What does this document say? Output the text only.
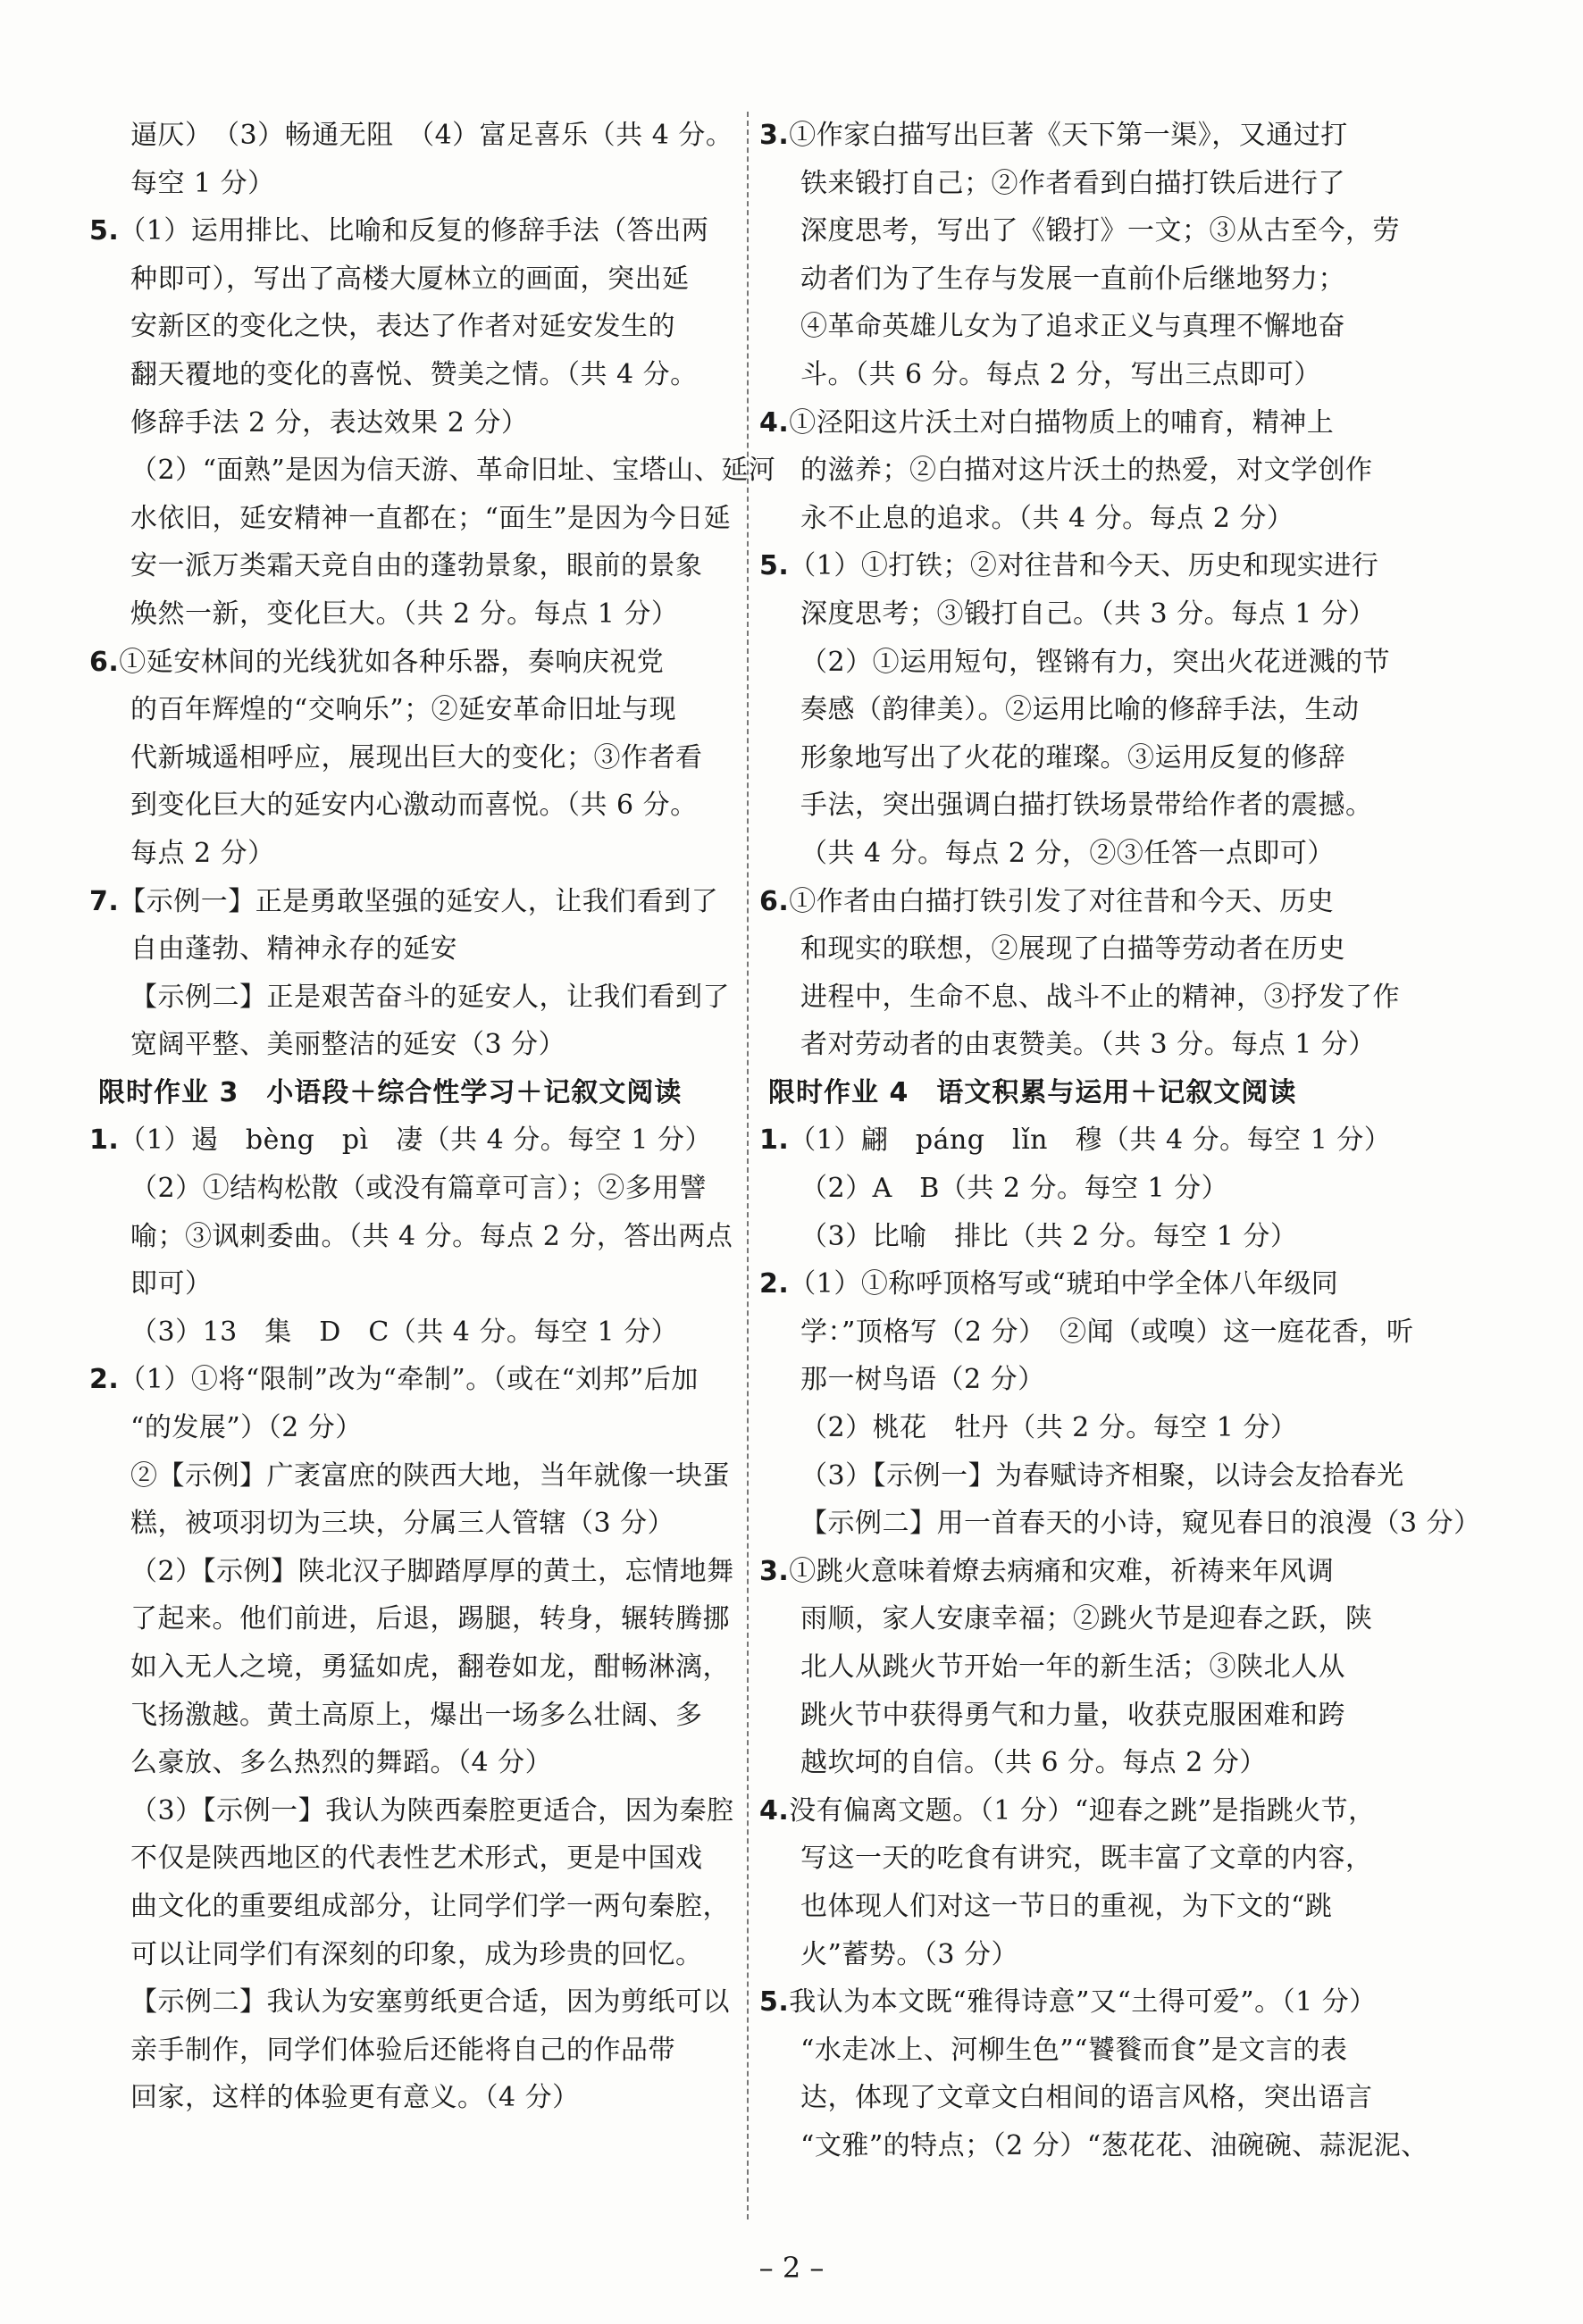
逼仄）　（3）畅通无阻　（4）富足喜乐（共 4 分。
每空 1 分）
5.（1）运用排比、比喻和反复的修辞手法（答出两
种即可），写出了高楼大厦林立的画面，突出延
安新区的变化之快，表达了作者对延安发生的
翻天覆地的变化的喜悦、赞美之情。（共 4 分。
修辞手法 2 分，表达效果 2 分）
（2）“面熟”是因为信天游、革命旧址、宝塔山、延河
水依旧，延安精神一直都在；“面生”是因为今日延
安一派万类霜天竞自由的蓬勃景象，眼前的景象
焕然一新，变化巨大。（共 2 分。每点 1 分）
6.①延安林间的光线犹如各种乐器，奏响庆祝党
的百年辉煌的“交响乐”；②延安革命旧址与现
代新城遥相呼应，展现出巨大的变化；③作者看
到变化巨大的延安内心激动而喜悦。（共 6 分。
每点 2 分）
7.【示例一】正是勇敢坚强的延安人，让我们看到了
自由蓬勃、精神永存的延安
【示例二】正是艰苦奋斗的延安人，让我们看到了
宽阔平整、美丽整洁的延安（3 分）
限时作业 3　小语段＋综合性学习＋记叙文阅读
1.（1）遏　bèng　pì　凄（共 4 分。每空 1 分）
（2）①结构松散（或没有篇章可言）；②多用譬
喻；③讽刺委曲。（共 4 分。每点 2 分，答出两点
即可）
（3）13　集　D　C（共 4 分。每空 1 分）
2.（1）①将“限制”改为“牵制”。（或在“刘邦”后加
“的发展”）（2 分）
②【示例】广袤富庶的陕西大地，当年就像一块蛋
糕，被项羽切为三块，分属三人管辖（3 分）
（2）【示例】陕北汉子脚踏厚厚的黄土，忘情地舞
了起来。他们前进，后退，踢腿，转身，辗转腾挪
如入无人之境，勇猛如虎，翻卷如龙，酣畅淋漓，
飞扬激越。黄土高原上，爆出一场多么壮阔、多
么豪放、多么热烈的舞蹈。（4 分）
（3）【示例一】我认为陕西秦腔更适合，因为秦腔
不仅是陕西地区的代表性艺术形式，更是中国戏
曲文化的重要组成部分，让同学们学一两句秦腔，
可以让同学们有深刻的印象，成为珍贵的回忆。
【示例二】我认为安塞剪纸更合适，因为剪纸可以
亲手制作，同学们体验后还能将自己的作品带
回家，这样的体验更有意义。（4 分）
3.①作家白描写出巨著《天下第一渠》，又通过打
铁来锻打自己；②作者看到白描打铁后进行了
深度思考，写出了《锻打》一文；③从古至今，劳
动者们为了生存与发展一直前仆后继地努力；
④革命英雄儿女为了追求正义与真理不懈地奋
斗。（共 6 分。每点 2 分，写出三点即可）
4.①泾阳这片沃土对白描物质上的哺育，精神上
的滋养；②白描对这片沃土的热爱，对文学创作
永不止息的追求。（共 4 分。每点 2 分）
5.（1）①打铁；②对往昔和今天、历史和现实进行
深度思考；③锻打自己。（共 3 分。每点 1 分）
（2）①运用短句，铿锵有力，突出火花迸溅的节
奏感（韵律美）。②运用比喻的修辞手法，生动
形象地写出了火花的璀璨。③运用反复的修辞
手法，突出强调白描打铁场景带给作者的震撼。
（共 4 分。每点 2 分，②③任答一点即可）
6.①作者由白描打铁引发了对往昔和今天、历史
和现实的联想，②展现了白描等劳动者在历史
进程中，生命不息、战斗不止的精神，③抒发了作
者对劳动者的由衷赞美。（共 3 分。每点 1 分）
限时作业 4　语文积累与运用＋记叙文阅读
1.（1）翩　páng　lǐn　穆（共 4 分。每空 1 分）
（2）A　B（共 2 分。每空 1 分）
（3）比喻　排比（共 2 分。每空 1 分）
2.（1）①称呼顶格写或“琥珀中学全体八年级同
学：”顶格写（2 分）　②闻（或嗅）这一庭花香，听
那一树鸟语（2 分）
（2）桃花　牡丹（共 2 分。每空 1 分）
（3）【示例一】为春赋诗齐相聚，以诗会友拾春光
【示例二】用一首春天的小诗，窥见春日的浪漫（3 分）
3.①跳火意味着燎去病痛和灾难，祈祷来年风调
雨顺，家人安康幸福；②跳火节是迎春之跃，陕
北人从跳火节开始一年的新生活；③陕北人从
跳火节中获得勇气和力量，收获克服困难和跨
越坎坷的自信。（共 6 分。每点 2 分）
4.没有偏离文题。（1 分）“迎春之跳”是指跳火节，
写这一天的吃食有讲究，既丰富了文章的内容，
也体现人们对这一节日的重视，为下文的“跳
火”蓄势。（3 分）
5.我认为本文既“雅得诗意”又“土得可爱”。（1 分）
“水走冰上、河柳生色”“饕餮而食”是文言的表
达，体现了文章文白相间的语言风格，突出语言
“文雅”的特点；（2 分）“葱花花、油碗碗、蒜泥泥、
– 2 –
